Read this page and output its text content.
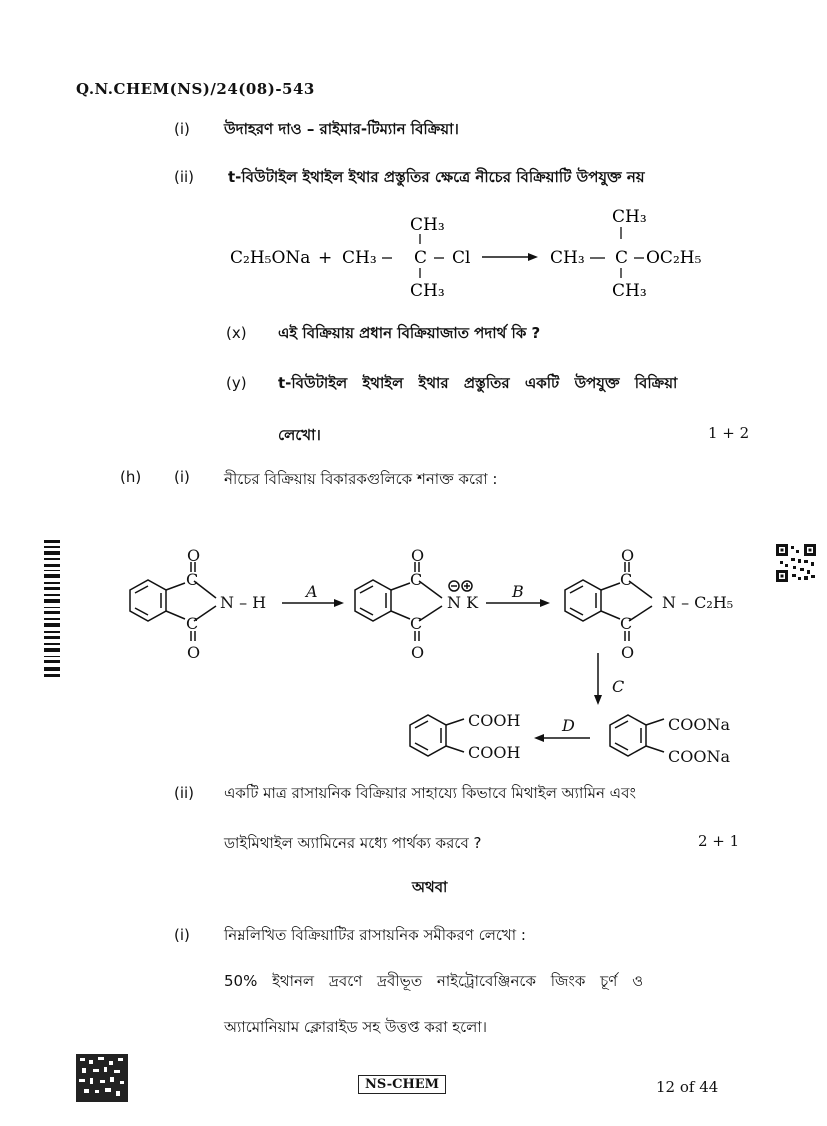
Q.N.CHEM(NS)/24(08)-543
(i) উদাহরণ দাও – রাইমার-টিম্যান বিক্রিয়া।
(ii) t-বিউটাইল ইথাইল ইথার প্রস্তুতির ক্ষেত্রে নীচের বিক্রিয়াটি উপযুক্ত নয়
C₂H₅ONa + CH₃
CH₃
C
CH₃
Cl	CH₃
CH₃
C
CH₃
OC₂H₅
(x) এই বিক্রিয়ায় প্রধান বিক্রিয়াজাত পদার্থ কি ?
(y) t-বিউটাইল ইথাইল ইথার প্রস্তুতির একটি উপযুক্ত বিক্রিয়া
লেখো।	1 + 2
(h) (i) নীচের বিক্রিয়ায় বিকারকগুলিকে শনাক্ত করো :
O
C
C
O
N – H
A
O
C
C
O
N K
B
O
C
C
O
N – C₂H₅
C
D	COONa
COONa
COOH
COOH
(ii) একটি মাত্র রাসায়নিক বিক্রিয়ার সাহায্যে কিভাবে মিথাইল অ্যামিন এবং
ডাইমিথাইল অ্যামিনের মধ্যে পার্থক্য করবে ?	2 + 1
অথবা
(i) নিম্নলিখিত বিক্রিয়াটির রাসায়নিক সমীকরণ লেখো :
50% ইথানল দ্রবণে দ্রবীভূত নাইট্রোবেঞ্জিনকে জিংক চূর্ণ ও
অ্যামোনিয়াম ক্লোরাইড সহ উত্তপ্ত করা হলো।
NS-CHEM	12 of 44
